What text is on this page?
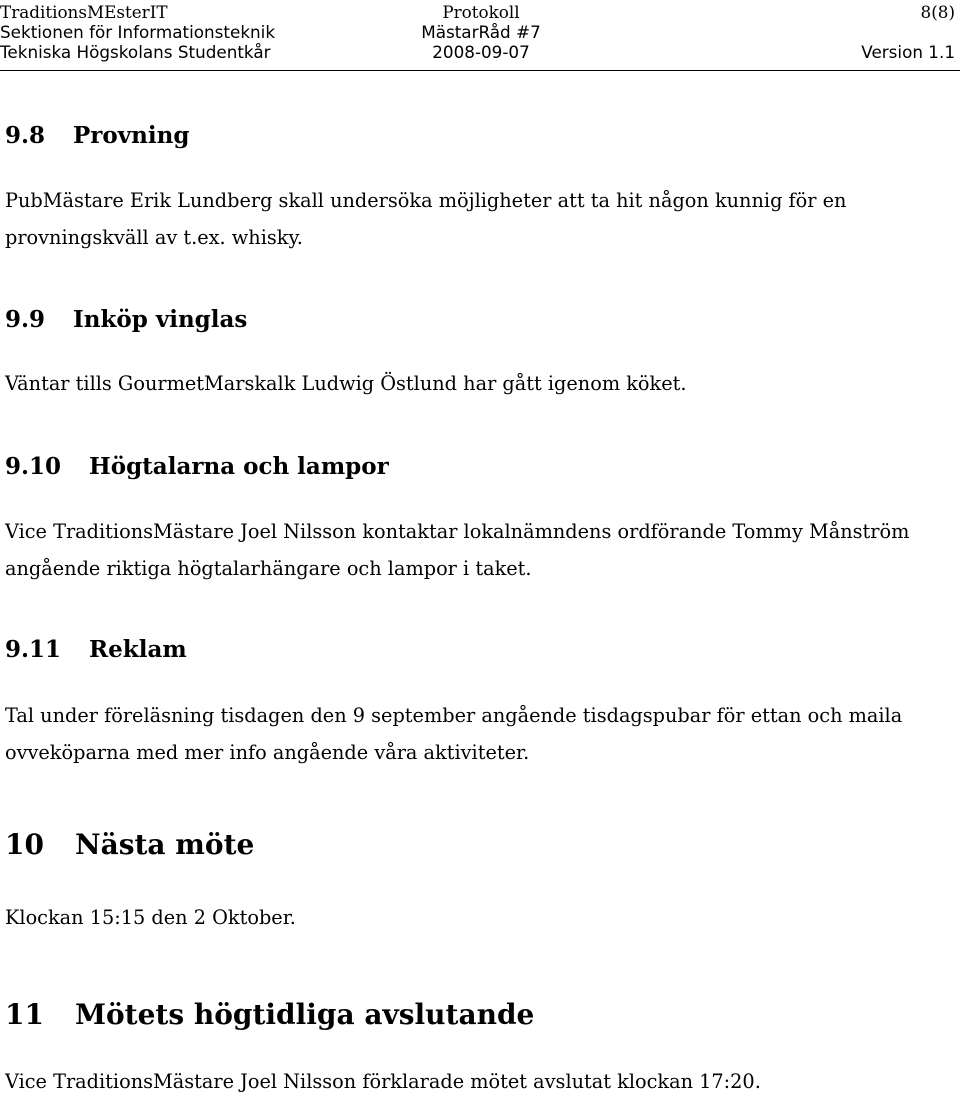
TraditionsMEsterIT	Protokoll	8(8)
Sektionen för Informationsteknik	MästarRåd #7
Tekniska Högskolans Studentkår	2008-09-07	Version 1.1
9.8 Provning
PubMästare Erik Lundberg skall undersöka möjligheter att ta hit någon kunnig för en
provningskväll av t.ex. whisky.
9.9 Inköp vinglas
Väntar tills GourmetMarskalk Ludwig Östlund har gått igenom köket.
9.10 Högtalarna och lampor
Vice TraditionsMästare Joel Nilsson kontaktar lokalnämndens ordförande Tommy Månström
angående riktiga högtalarhängare och lampor i taket.
9.11 Reklam
Tal under föreläsning tisdagen den 9 september angående tisdagspubar för ettan och maila
ovveköparna med mer info angående våra aktiviteter.
10 Nästa möte
Klockan 15:15 den 2 Oktober.
11 Mötets högtidliga avslutande
Vice TraditionsMästare Joel Nilsson förklarade mötet avslutat klockan 17:20.
